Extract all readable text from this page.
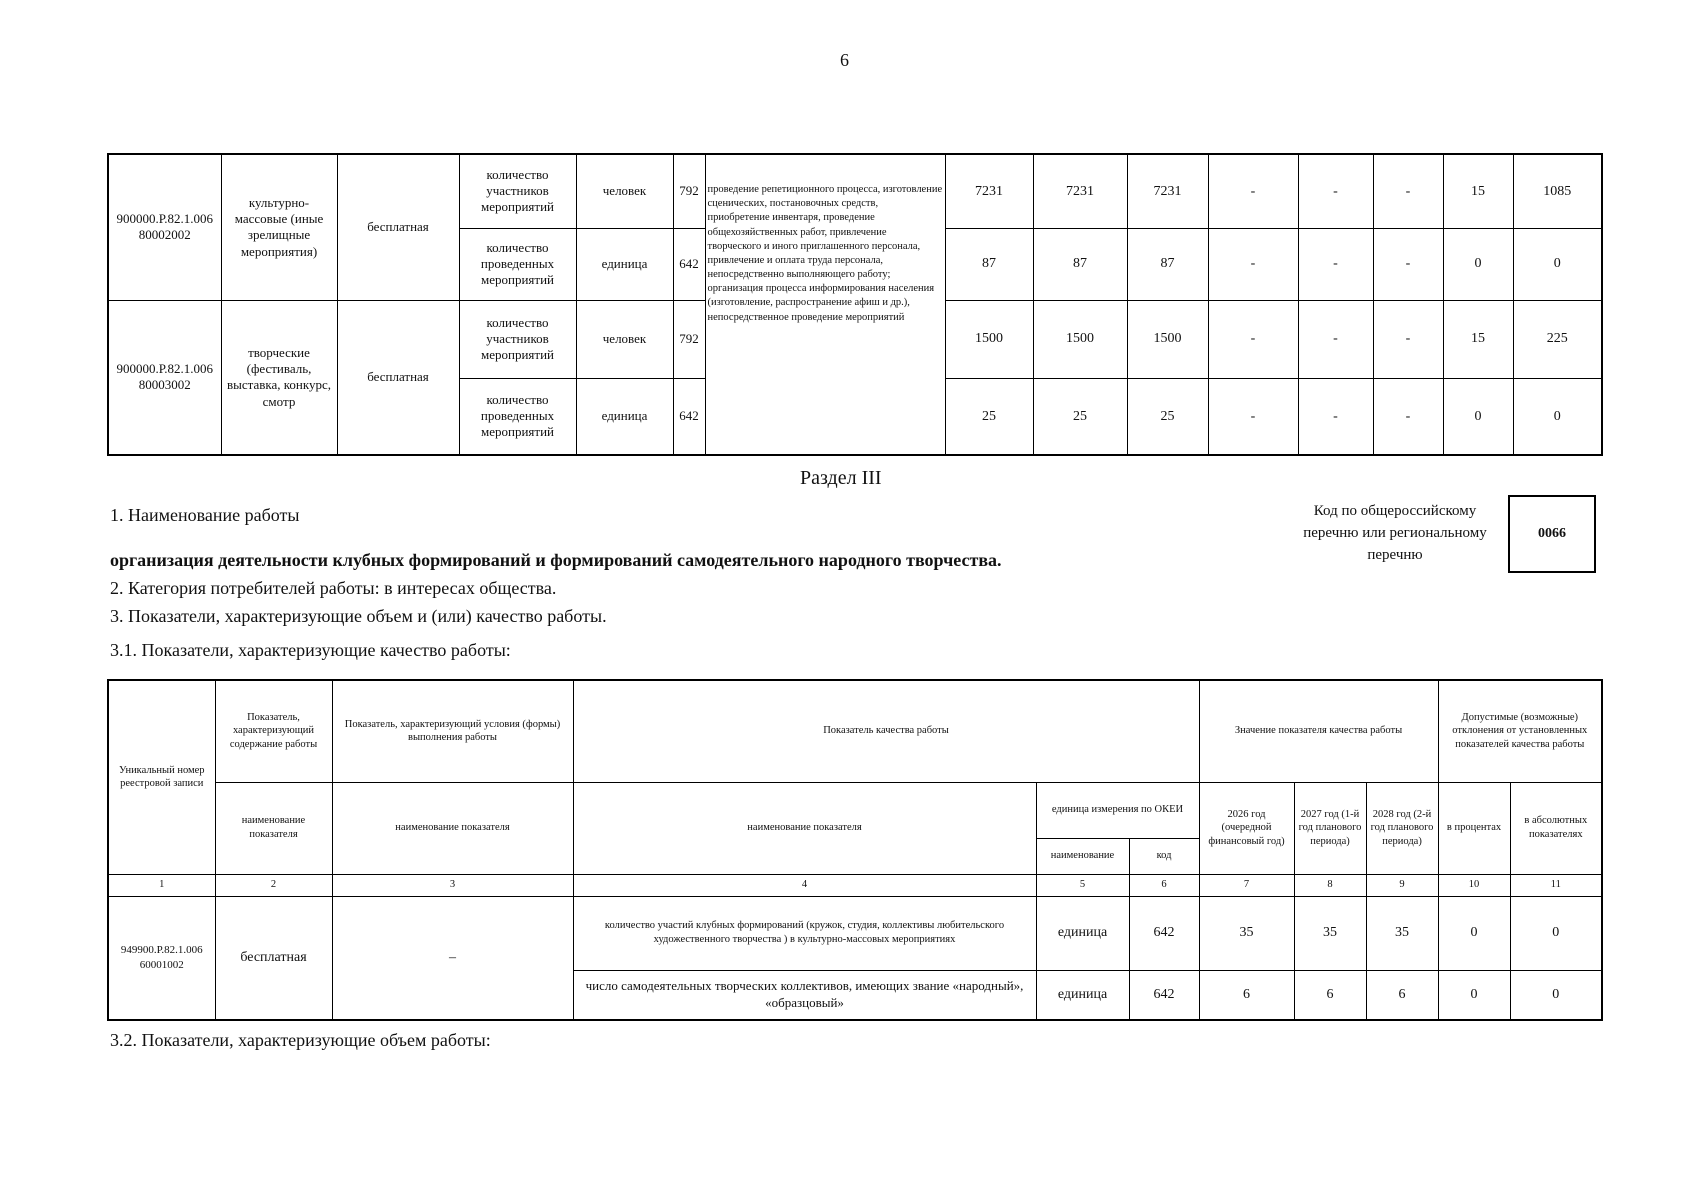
6
900000.Р.82.1.006 80002002	культурно-массовые (иные зрелищные мероприятия)	бесплатная	количество участников мероприятий	человек	792	проведение репетиционного процесса, изготовление сценических, постановочных средств, приобретение инвентаря, проведение общехозяйственных работ, привлечение творческого и иного приглашенного персонала, привлечение и оплата труда персонала, непосредственно выполняющего работу; организация процесса информирования населения (изготовление, распространение афиш и др.), непосредственное проведение мероприятий	7231	7231	7231	-	-	-	15	1085
			количество проведенных мероприятий	единица	642		87	87	87	-	-	-	0	0
900000.Р.82.1.006 80003002	творческие (фестиваль, выставка, конкурс, смотр	бесплатная	количество участников мероприятий	человек	792		1500	1500	1500	-	-	-	15	225
			количество проведенных мероприятий	единица	642		25	25	25	-	-	-	0	0
Раздел III
1. Наименование работы
организация деятельности клубных формирований и формирований самодеятельного народного творчества.
2. Категория потребителей работы: в интересах общества.
3. Показатели, характеризующие объем и (или) качество работы.
3.1. Показатели, характеризующие качество работы:
Код по общероссийскому перечню или региональному перечню
0066
Уникальный номер реестровой записи	Показатель, характеризующий содержание работы	Показатель, характеризующий условия (формы) выполнения работы	Показатель качества работы			Значение показателя качества работы			Допустимые (возможные) отклонения от установленных показателей качества работы	
	наименование показателя	наименование показателя	наименование показателя	единица измерения по ОКЕИ		2026 год (очередной финансовый год)	2027 год (1-й год планового периода)	2028 год (2-й год планового периода)	в процентах	в абсолютных показателях
				наименование	код					
1	2	3	4	5	6	7	8	9	10	11
949900.Р.82.1.006 60001002	бесплатная	–	количество участий клубных формирований (кружок, студия, коллективы любительского художественного творчества ) в культурно-массовых мероприятиях	единица	642	35	35	35	0	0
			число самодеятельных творческих коллективов, имеющих звание «народный», «образцовый»	единица	642	6	6	6	0	0
3.2. Показатели, характеризующие объем работы:
